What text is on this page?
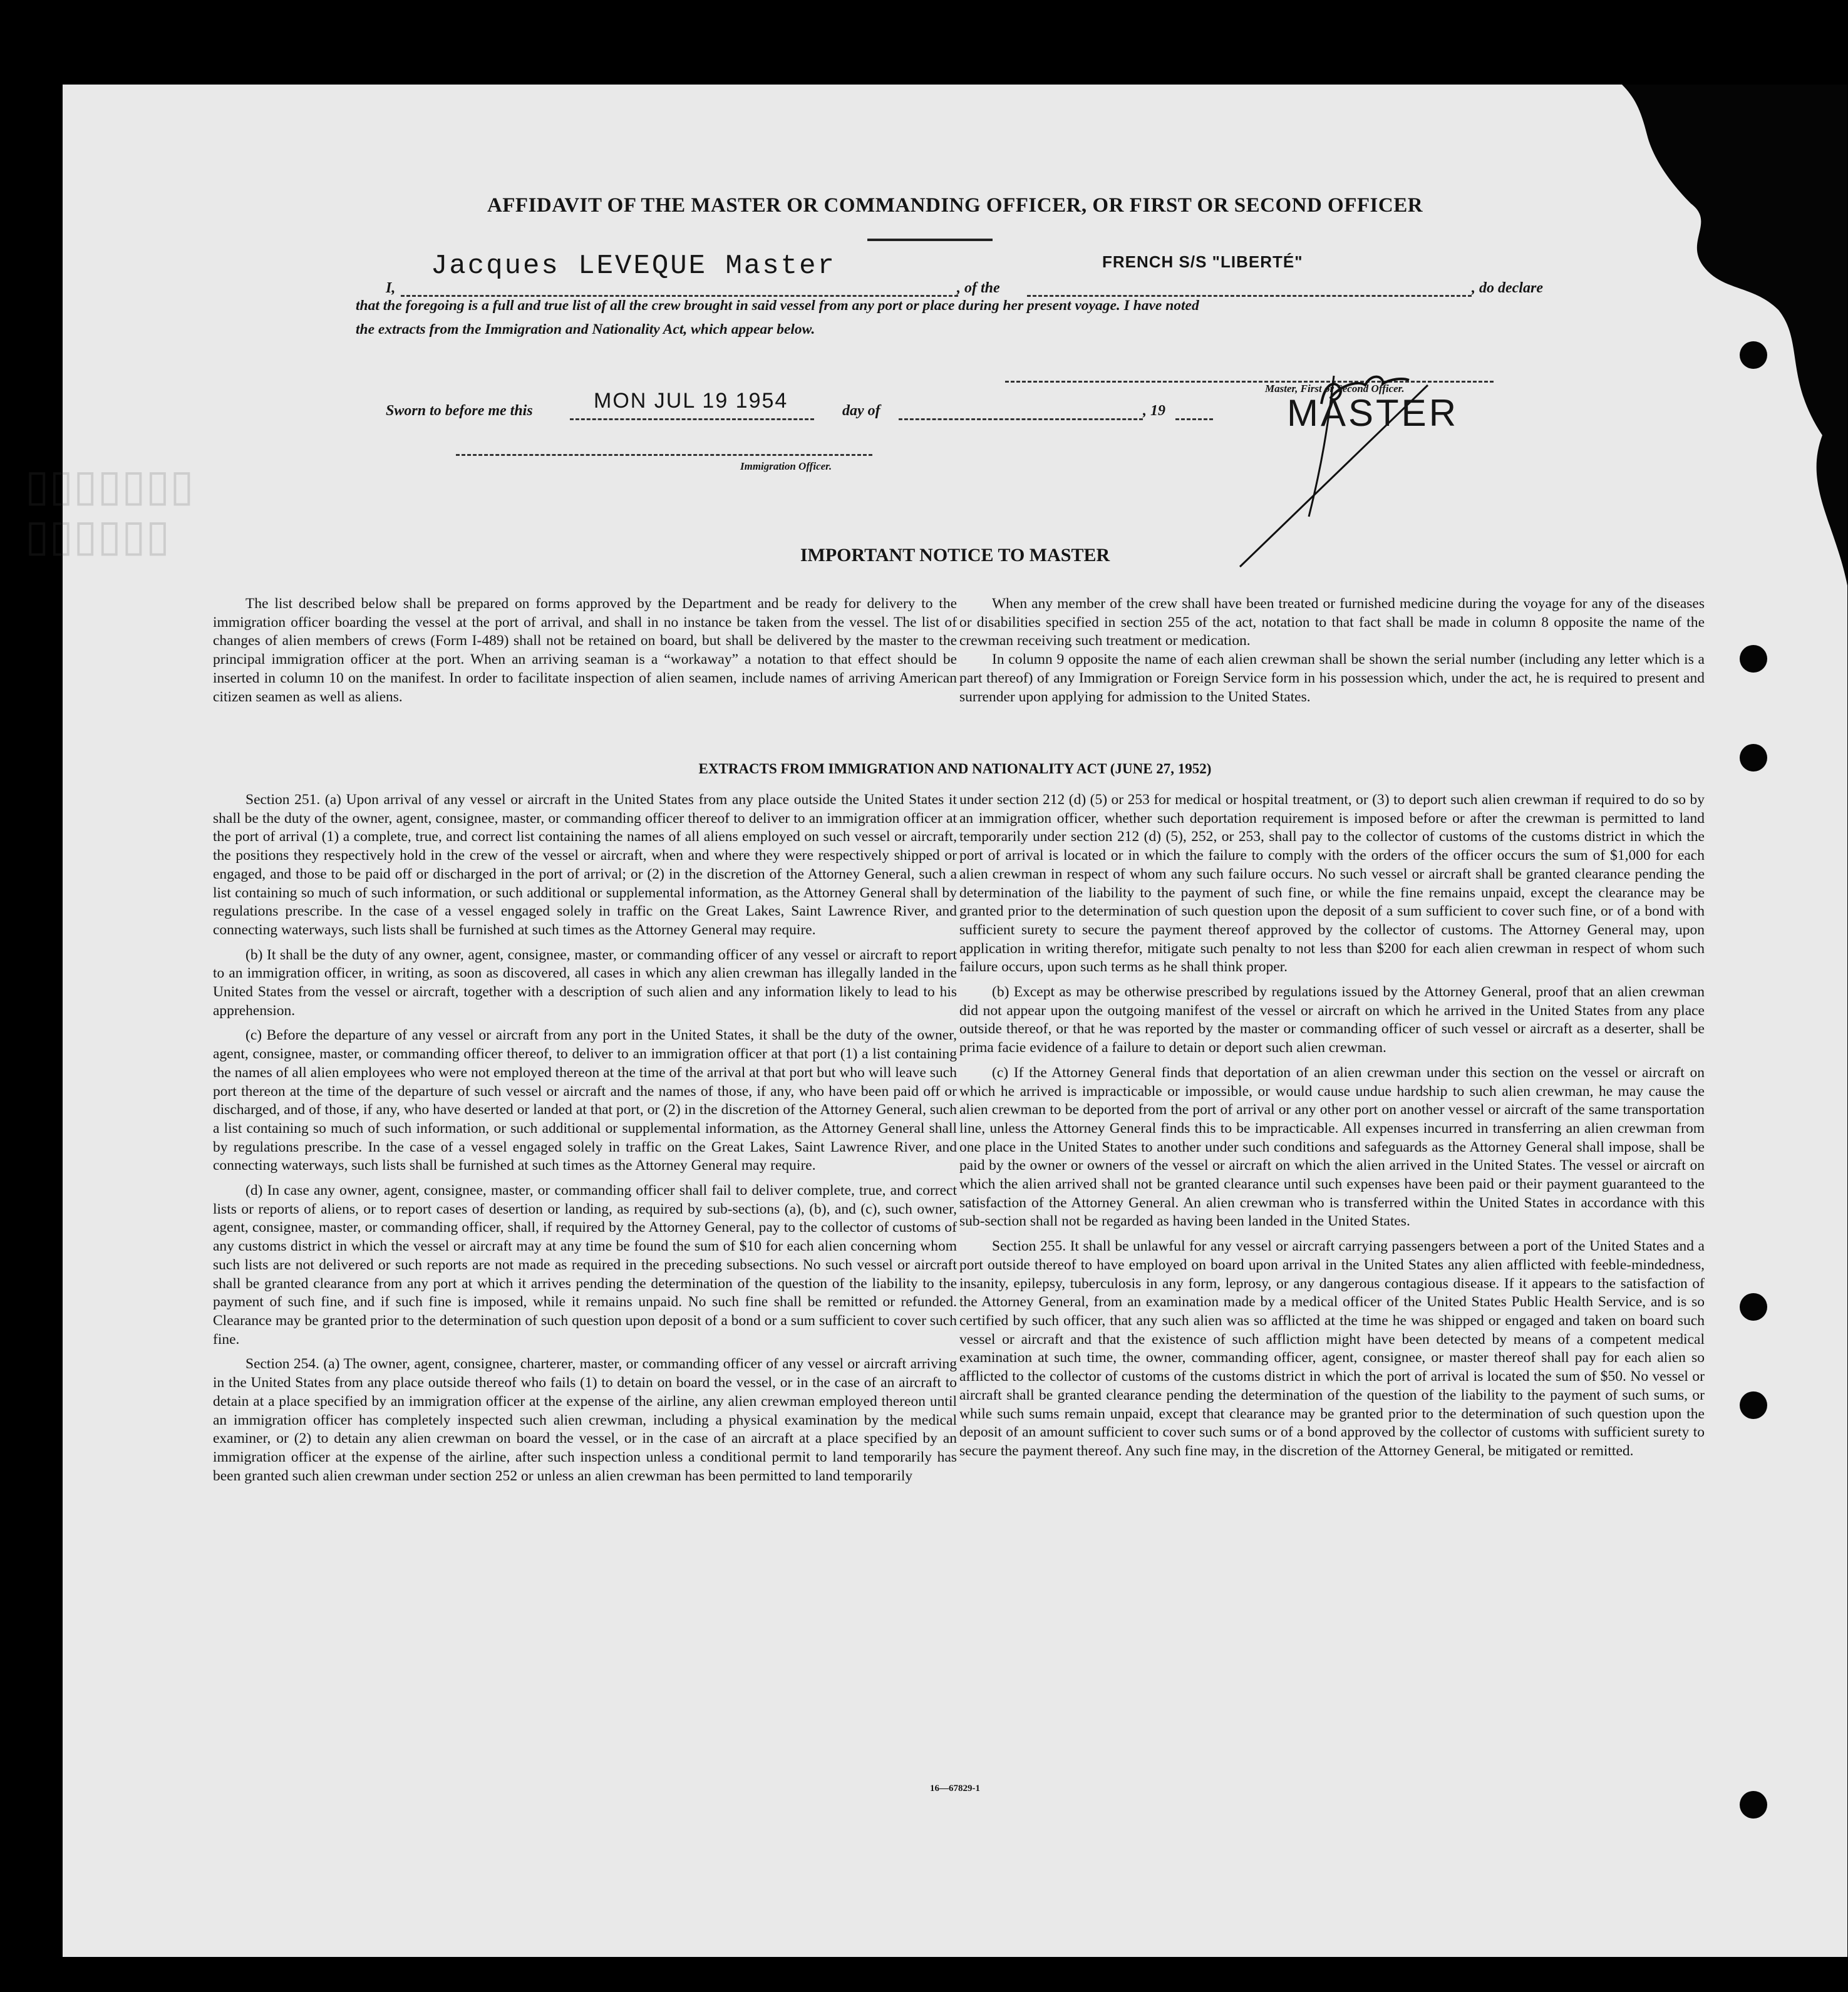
▯▯▯▯▯▯▯
▯▯▯▯▯▯
AFFIDAVIT OF THE MASTER OR COMMANDING OFFICER, OR FIRST OR SECOND OFFICER
I,
Jacques LEVEQUE Master
, of the
FRENCH S/S "LIBERTÉ"
, do declare
that the foregoing is a full and true list of all the crew brought in said vessel from any port or place during her present voyage. I have noted
the extracts from the Immigration and Nationality Act, which appear below.
Master, First or Second Officer.
MASTER
Sworn to before me this	MON JUL 19 1954	day of	, 19
Immigration Officer.
IMPORTANT NOTICE TO MASTER

The list described below shall be prepared on forms approved by the Department and be ready for delivery to the immigration officer boarding the vessel at the port of arrival, and shall in no instance be taken from the vessel. The list of changes of alien members of crews (Form I-489) shall not be retained on board, but shall be delivered by the master to the principal immigration officer at the port. When an arriving seaman is a “workaway” a notation to that effect should be inserted in column 10 on the manifest. In order to facilitate inspection of alien seamen, include names of arriving American citizen seamen as well as aliens.

When any member of the crew shall have been treated or furnished medicine during the voyage for any of the diseases or disabilities specified in section 255 of the act, notation to that fact shall be made in column 8 opposite the name of the crewman receiving such treatment or medication.

In column 9 opposite the name of each alien crewman shall be shown the serial number (including any letter which is a part thereof) of any Immigration or Foreign Service form in his possession which, under the act, he is required to present and surrender upon applying for admission to the United States.

EXTRACTS FROM IMMIGRATION AND NATIONALITY ACT (JUNE 27, 1952)

Section 251. (a) Upon arrival of any vessel or aircraft in the United States from any place outside the United States it shall be the duty of the owner, agent, consignee, master, or commanding officer thereof to deliver to an immigration officer at the port of arrival (1) a complete, true, and correct list containing the names of all aliens employed on such vessel or aircraft, the positions they respectively hold in the crew of the vessel or aircraft, when and where they were respectively shipped or engaged, and those to be paid off or discharged in the port of arrival; or (2) in the discretion of the Attorney General, such a list containing so much of such information, or such additional or supplemental information, as the Attorney General shall by regulations prescribe. In the case of a vessel engaged solely in traffic on the Great Lakes, Saint Lawrence River, and connecting waterways, such lists shall be furnished at such times as the Attorney General may require.

(b) It shall be the duty of any owner, agent, consignee, master, or commanding officer of any vessel or aircraft to report to an immigration officer, in writing, as soon as discovered, all cases in which any alien crewman has illegally landed in the United States from the vessel or aircraft, together with a description of such alien and any information likely to lead to his apprehension.

(c) Before the departure of any vessel or aircraft from any port in the United States, it shall be the duty of the owner, agent, consignee, master, or commanding officer thereof, to deliver to an immigration officer at that port (1) a list containing the names of all alien employees who were not employed thereon at the time of the arrival at that port but who will leave such port thereon at the time of the departure of such vessel or aircraft and the names of those, if any, who have been paid off or discharged, and of those, if any, who have deserted or landed at that port, or (2) in the discretion of the Attorney General, such a list containing so much of such information, or such additional or supplemental information, as the Attorney General shall by regulations prescribe. In the case of a vessel engaged solely in traffic on the Great Lakes, Saint Lawrence River, and connecting waterways, such lists shall be furnished at such times as the Attorney General may require.

(d) In case any owner, agent, consignee, master, or commanding officer shall fail to deliver complete, true, and correct lists or reports of aliens, or to report cases of desertion or landing, as required by sub-sections (a), (b), and (c), such owner, agent, consignee, master, or commanding officer, shall, if required by the Attorney General, pay to the collector of customs of any customs district in which the vessel or aircraft may at any time be found the sum of $10 for each alien concerning whom such lists are not delivered or such reports are not made as required in the preceding subsections. No such vessel or aircraft shall be granted clearance from any port at which it arrives pending the determination of the question of the liability to the payment of such fine, and if such fine is imposed, while it remains unpaid. No such fine shall be remitted or refunded. Clearance may be granted prior to the determination of such question upon deposit of a bond or a sum sufficient to cover such fine.

Section 254. (a) The owner, agent, consignee, charterer, master, or commanding officer of any vessel or aircraft arriving in the United States from any place outside thereof who fails (1) to detain on board the vessel, or in the case of an aircraft to detain at a place specified by an immigration officer at the expense of the airline, any alien crewman employed thereon until an immigration officer has completely inspected such alien crewman, including a physical examination by the medical examiner, or (2) to detain any alien crewman on board the vessel, or in the case of an aircraft at a place specified by an immigration officer at the expense of the airline, after such inspection unless a conditional permit to land temporarily has been granted such alien crewman under section 252 or unless an alien crewman has been permitted to land temporarily

under section 212 (d) (5) or 253 for medical or hospital treatment, or (3) to deport such alien crewman if required to do so by an immigration officer, whether such deportation requirement is imposed before or after the crewman is permitted to land temporarily under section 212 (d) (5), 252, or 253, shall pay to the collector of customs of the customs district in which the port of arrival is located or in which the failure to comply with the orders of the officer occurs the sum of $1,000 for each alien crewman in respect of whom any such failure occurs. No such vessel or aircraft shall be granted clearance pending the determination of the liability to the payment of such fine, or while the fine remains unpaid, except the clearance may be granted prior to the determination of such question upon the deposit of a sum sufficient to cover such fine, or of a bond with sufficient surety to secure the payment thereof approved by the collector of customs. The Attorney General may, upon application in writing therefor, mitigate such penalty to not less than $200 for each alien crewman in respect of whom such failure occurs, upon such terms as he shall think proper.

(b) Except as may be otherwise prescribed by regulations issued by the Attorney General, proof that an alien crewman did not appear upon the outgoing manifest of the vessel or aircraft on which he arrived in the United States from any place outside thereof, or that he was reported by the master or commanding officer of such vessel or aircraft as a deserter, shall be prima facie evidence of a failure to detain or deport such alien crewman.

(c) If the Attorney General finds that deportation of an alien crewman under this section on the vessel or aircraft on which he arrived is impracticable or impossible, or would cause undue hardship to such alien crewman, he may cause the alien crewman to be deported from the port of arrival or any other port on another vessel or aircraft of the same transportation line, unless the Attorney General finds this to be impracticable. All expenses incurred in transferring an alien crewman from one place in the United States to another under such conditions and safeguards as the Attorney General shall impose, shall be paid by the owner or owners of the vessel or aircraft on which the alien arrived in the United States. The vessel or aircraft on which the alien arrived shall not be granted clearance until such expenses have been paid or their payment guaranteed to the satisfaction of the Attorney General. An alien crewman who is transferred within the United States in accordance with this sub-section shall not be regarded as having been landed in the United States.

Section 255. It shall be unlawful for any vessel or aircraft carrying passengers between a port of the United States and a port outside thereof to have employed on board upon arrival in the United States any alien afflicted with feeble-mindedness, insanity, epilepsy, tuberculosis in any form, leprosy, or any dangerous contagious disease. If it appears to the satisfaction of the Attorney General, from an examination made by a medical officer of the United States Public Health Service, and is so certified by such officer, that any such alien was so afflicted at the time he was shipped or engaged and taken on board such vessel or aircraft and that the existence of such affliction might have been detected by means of a competent medical examination at such time, the owner, commanding officer, agent, consignee, or master thereof shall pay for each alien so afflicted to the collector of customs of the customs district in which the port of arrival is located the sum of $50. No vessel or aircraft shall be granted clearance pending the determination of the question of the liability to the payment of such sums, or while such sums remain unpaid, except that clearance may be granted prior to the determination of such question upon the deposit of an amount sufficient to cover such sums or of a bond approved by the collector of customs with sufficient surety to secure the payment thereof. Any such fine may, in the discretion of the Attorney General, be mitigated or remitted.

16—67829-1
